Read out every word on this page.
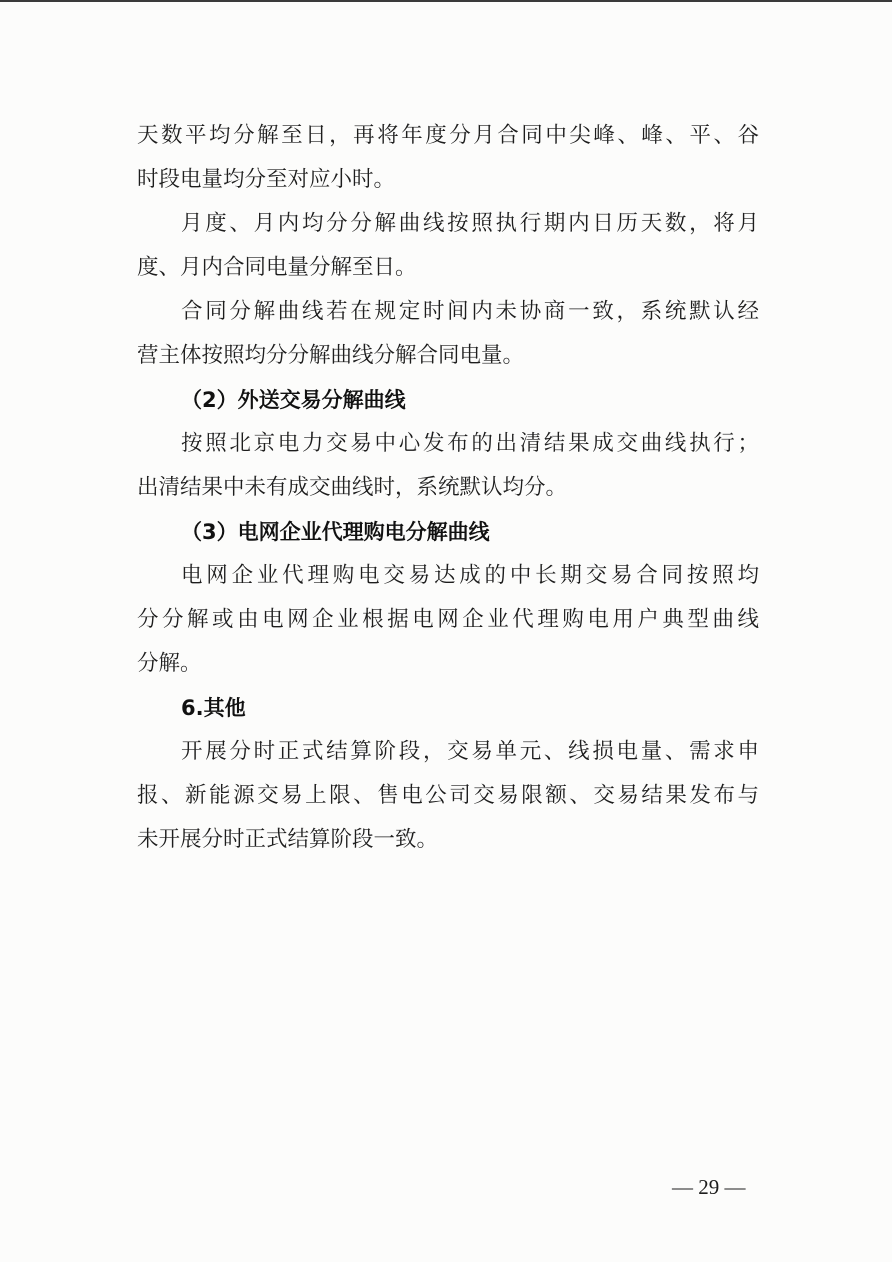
天数平均分解至日，再将年度分月合同中尖峰、峰、平、谷
时段电量均分至对应小时。
月度、月内均分分解曲线按照执行期内日历天数，将月
度、月内合同电量分解至日。
合同分解曲线若在规定时间内未协商一致，系统默认经
营主体按照均分分解曲线分解合同电量。
（2）外送交易分解曲线
按照北京电力交易中心发布的出清结果成交曲线执行；
出清结果中未有成交曲线时，系统默认均分。
（3）电网企业代理购电分解曲线
电网企业代理购电交易达成的中长期交易合同按照均
分分解或由电网企业根据电网企业代理购电用户典型曲线
分解。
6.其他
开展分时正式结算阶段，交易单元、线损电量、需求申
报、新能源交易上限、售电公司交易限额、交易结果发布与
未开展分时正式结算阶段一致。
— 29 —
